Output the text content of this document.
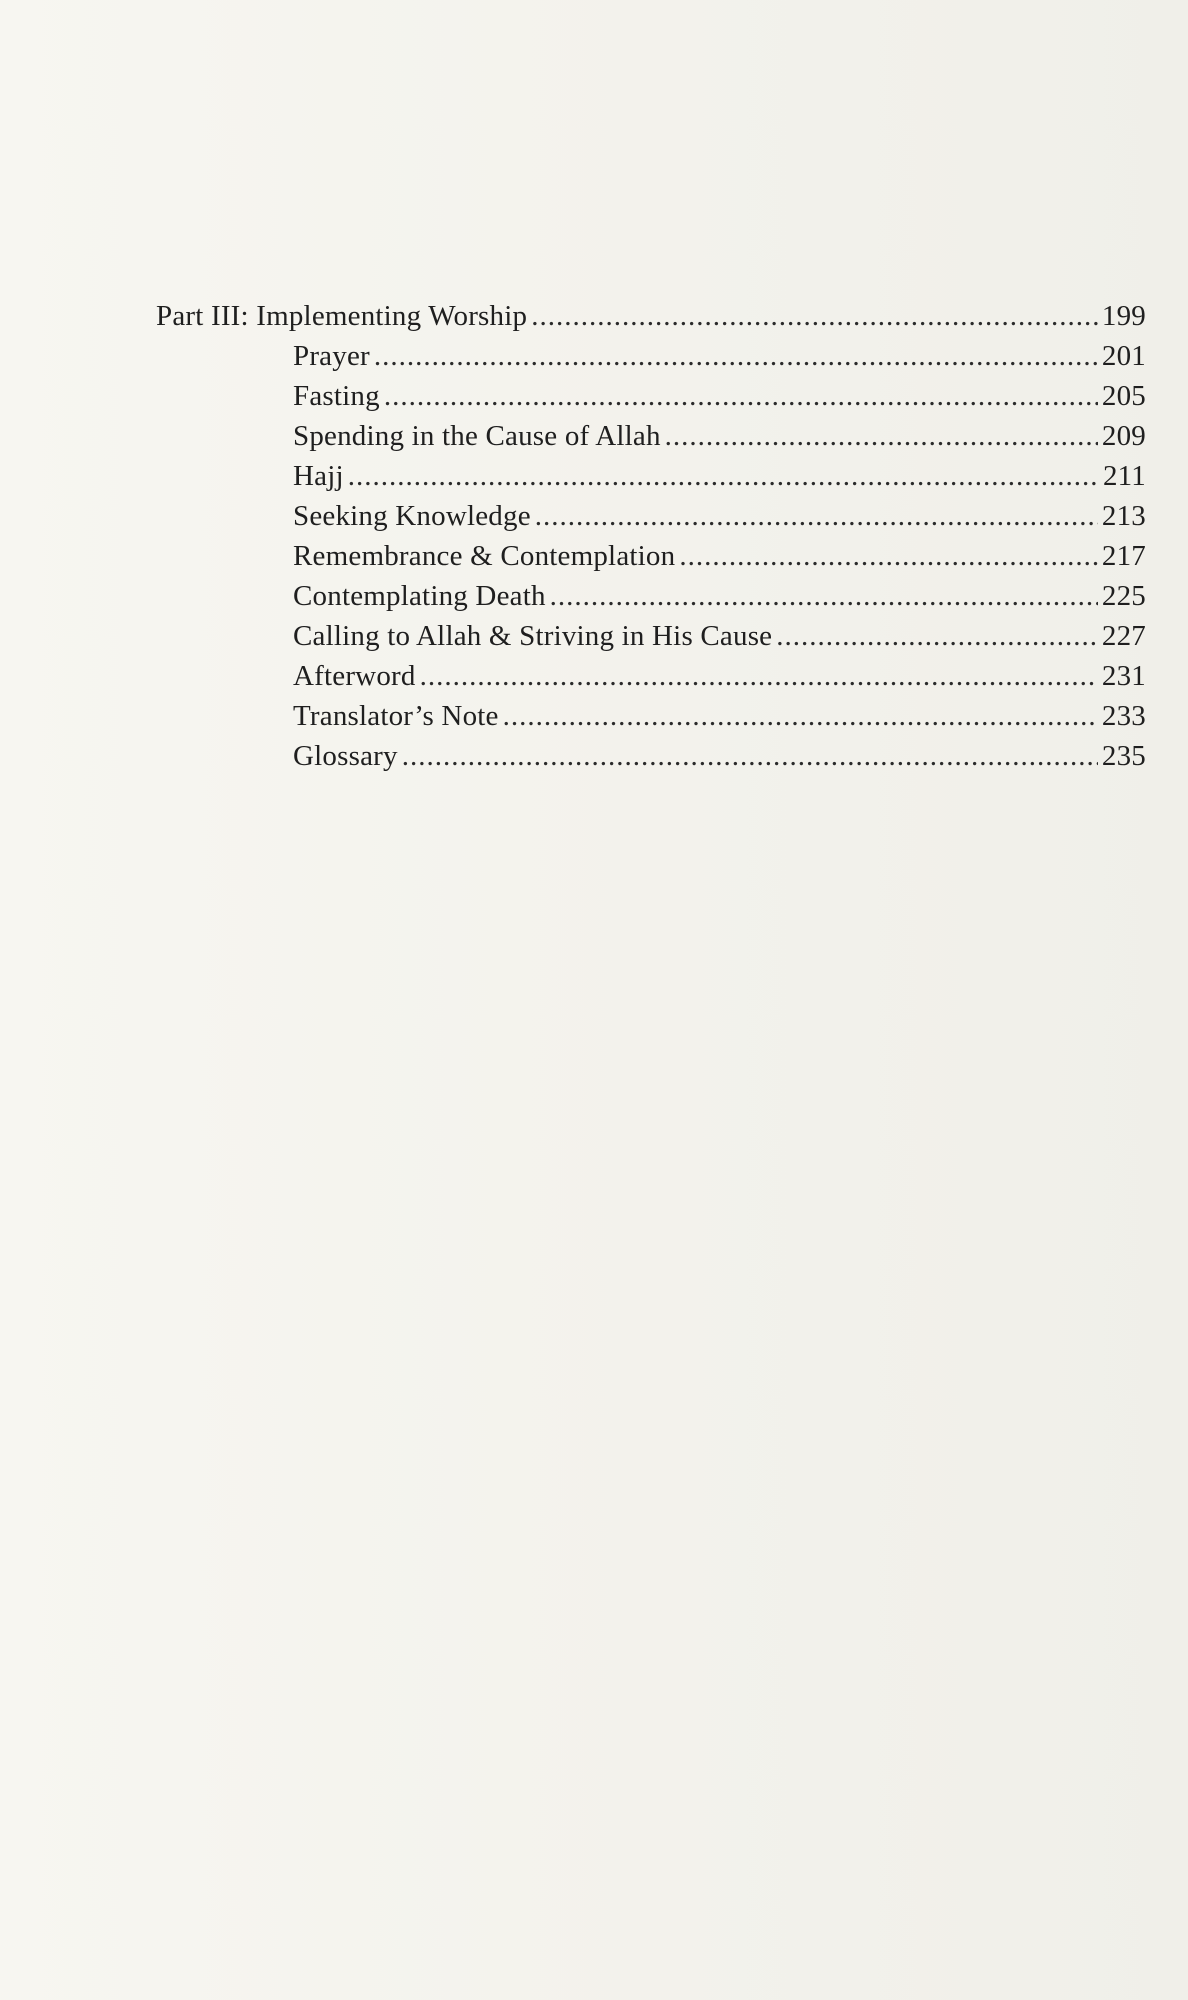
Part III: Implementing Worship .....	199
Prayer .....	201
Fasting .....	205
Spending in the Cause of Allah .....	209
Hajj .....	211
Seeking Knowledge .....	213
Remembrance & Contemplation .....	217
Contemplating Death .....	225
Calling to Allah & Striving in His Cause .....	227
Afterword .....	231
Translator’s Note .....	233
Glossary .....	235
